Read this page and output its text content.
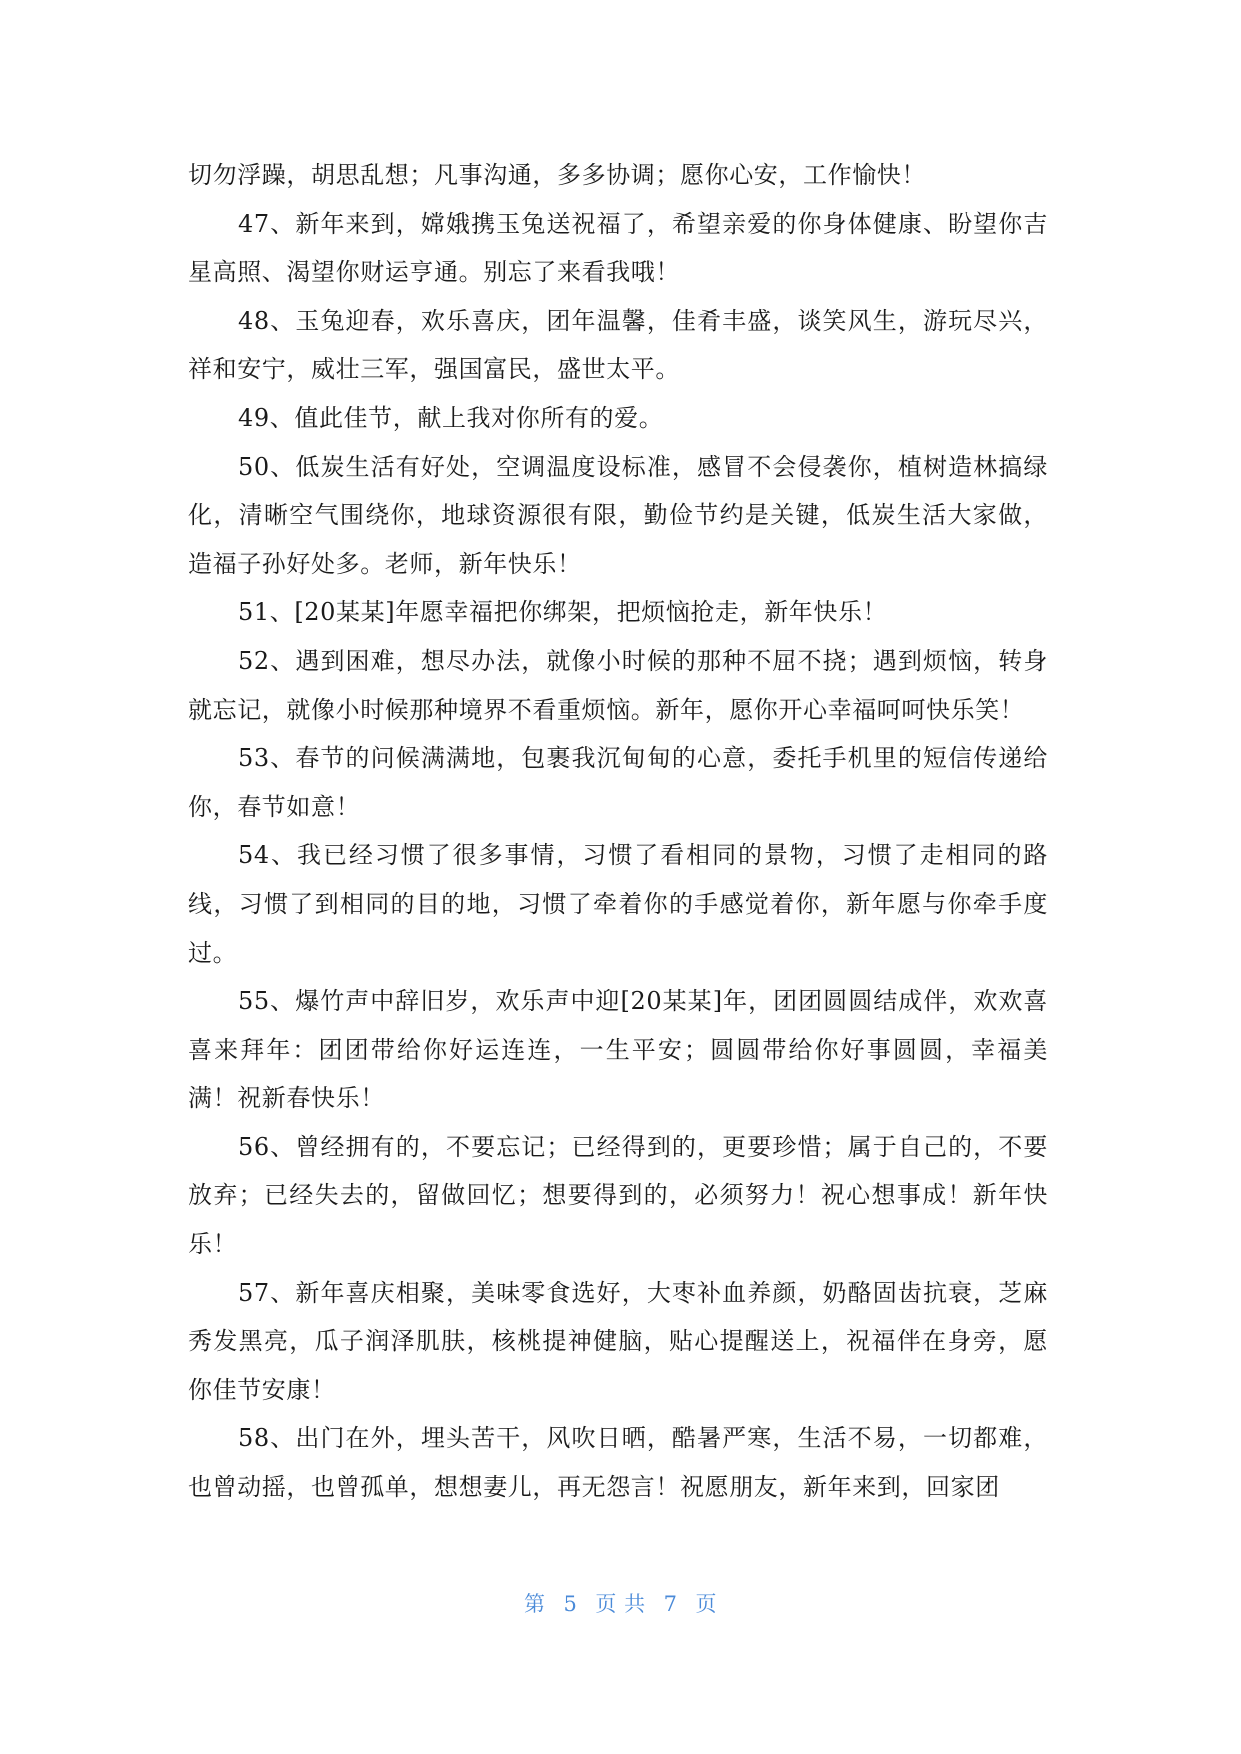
切勿浮躁，胡思乱想；凡事沟通，多多协调；愿你心安，工作愉快！

47、新年来到，嫦娥携玉兔送祝福了，希望亲爱的你身体健康、盼望你吉星高照、渴望你财运亨通。别忘了来看我哦！

48、玉兔迎春，欢乐喜庆，团年温馨，佳肴丰盛，谈笑风生，游玩尽兴，祥和安宁，威壮三军，强国富民，盛世太平。

49、值此佳节，献上我对你所有的爱。

50、低炭生活有好处，空调温度设标准，感冒不会侵袭你，植树造林搞绿化，清晰空气围绕你，地球资源很有限，勤俭节约是关键，低炭生活大家做，造福子孙好处多。老师，新年快乐！

51、[20某某]年愿幸福把你绑架，把烦恼抢走，新年快乐！

52、遇到困难，想尽办法，就像小时候的那种不屈不挠；遇到烦恼，转身就忘记，就像小时候那种境界不看重烦恼。新年，愿你开心幸福呵呵快乐笑！

53、春节的问候满满地，包裹我沉甸甸的心意，委托手机里的短信传递给你，春节如意！

54、我已经习惯了很多事情，习惯了看相同的景物，习惯了走相同的路线，习惯了到相同的目的地，习惯了牵着你的手感觉着你，新年愿与你牵手度过。

55、爆竹声中辞旧岁，欢乐声中迎[20某某]年，团团圆圆结成伴，欢欢喜喜来拜年：团团带给你好运连连，一生平安；圆圆带给你好事圆圆，幸福美满！祝新春快乐！

56、曾经拥有的，不要忘记；已经得到的，更要珍惜；属于自己的，不要放弃；已经失去的，留做回忆；想要得到的，必须努力！祝心想事成！新年快乐！

57、新年喜庆相聚，美味零食选好，大枣补血养颜，奶酪固齿抗衰，芝麻秀发黑亮，瓜子润泽肌肤，核桃提神健脑，贴心提醒送上，祝福伴在身旁，愿你佳节安康！

58、出门在外，埋头苦干，风吹日晒，酷暑严寒，生活不易，一切都难，也曾动摇，也曾孤单，想想妻儿，再无怨言！祝愿朋友，新年来到，回家团

第 5 页 共 7 页
